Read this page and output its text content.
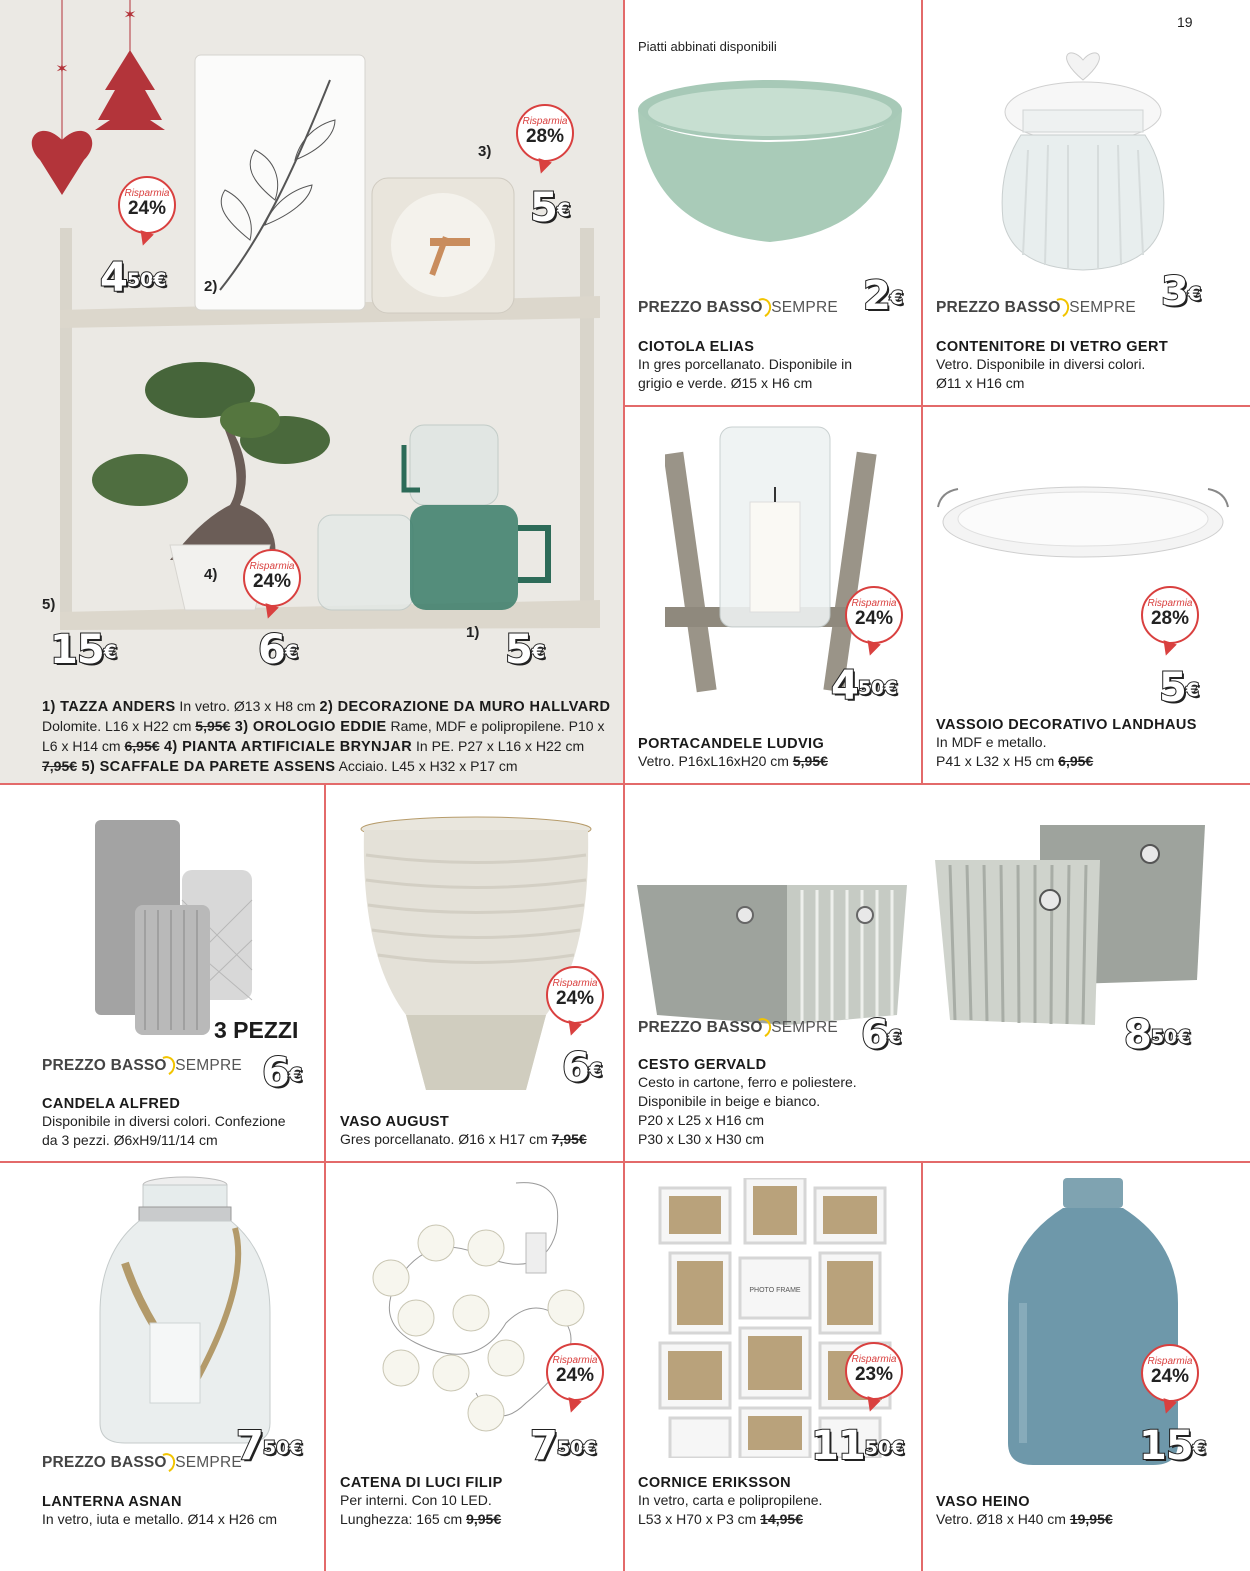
19
✶
✶
3)
Risparmia
28%
5€
Risparmia
24%
$4^{50€}$ 2)
4)	Risparmia
24%
6€
5)
15€
1) 5€
1) TAZZA ANDERS In vetro. Ø13 x H8 cm 2) DECORAZIONE DA MURO HALLVARD Dolomite. L16 x H22 cm 5,95€ 3) OROLOGIO EDDIE Rame, MDF e polipropilene. P10 x L6 x H14 cm 6,95€ 4) PIANTA ARTIFICIALE BRYNJAR In PE. P27 x L16 x H22 cm 7,95€ 5) SCAFFALE DA PARETE ASSENS Acciaio. L45 x H32 x P17 cm
Piatti abbinati disponibili
PREZZO BASSO SEMPRE 2€
CIOTOLA ELIAS
In gres porcellanato. Disponibile in
grigio e verde. Ø15 x H6 cm
PREZZO BASSO SEMPRE 3€
CONTENITORE DI VETRO GERT
Vetro. Disponibile in diversi colori.
Ø11 x H16 cm
Risparmia
24%
$4^{50€}$
PORTACANDELE LUDVIG
Vetro. P16xL16xH20 cm 5,95€
Risparmia
28%
5€
VASSOIO DECORATIVO LANDHAUS
In MDF e metallo.
P41 x L32 x H5 cm 6,95€
3 PEZZI
PREZZO BASSO SEMPRE 6€
CANDELA ALFRED
Disponibile in diversi colori. Confezione
da 3 pezzi. Ø6xH9/11/14 cm
Risparmia
24%
6€
VASO AUGUST
Gres porcellanato. Ø16 x H17 cm 7,95€
PREZZO BASSO SEMPRE 6€	$8^{50€}$
CESTO GERVALD
Cesto in cartone, ferro e poliestere.
Disponibile in beige e bianco.
P20 x L25 x H16 cm
P30 x L30 x H30 cm
PREZZO BASSO SEMPRE
$7^{50€}$
LANTERNA ASNAN
In vetro, iuta e metallo. Ø14 x H26 cm
Risparmia
24%
$7^{50€}$
CATENA DI LUCI FILIP
Per interni. Con 10 LED.
Lunghezza: 165 cm 9,95€
PHOTO FRAME
Risparmia
23%
$11^{50€}$
CORNICE ERIKSSON
In vetro, carta e polipropilene.
L53 x H70 x P3 cm 14,95€
Risparmia
24%
15€
VASO HEINO
Vetro. Ø18 x H40 cm 19,95€
